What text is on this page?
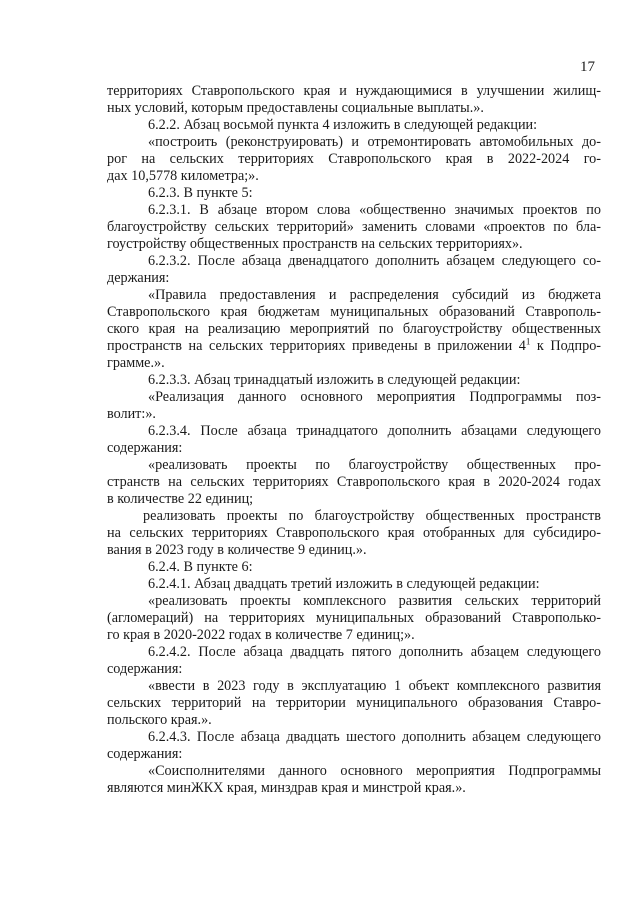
17
территориях Ставропольского края и нуждающимися в улучшении жилищ-
ных условий, которым предоставлены социальные выплаты.».
6.2.2. Абзац восьмой пункта 4 изложить в следующей редакции:
«построить (реконструировать) и отремонтировать автомобильных до-
рог на сельских территориях Ставропольского края в 2022-2024 го-
дах 10,5778 километра;».
6.2.3. В пункте 5:
6.2.3.1. В абзаце втором слова «общественно значимых проектов по
благоустройству сельских территорий» заменить словами «проектов по бла-
гоустройству общественных пространств на сельских территориях».
6.2.3.2. После абзаца двенадцатого дополнить абзацем следующего со-
держания:
«Правила предоставления и распределения субсидий из бюджета
Ставропольского края бюджетам муниципальных образований Ставрополь-
ского края на реализацию мероприятий по благоустройству общественных
пространств на сельских территориях приведены в приложении $4^1$ к Подпро-
грамме.».
6.2.3.3. Абзац тринадцатый изложить в следующей редакции:
«Реализация данного основного мероприятия Подпрограммы поз-
волит:».
6.2.3.4. После абзаца тринадцатого дополнить абзацами следующего
содержания:
«реализовать проекты по благоустройству общественных про-
странств на сельских территориях Ставропольского края в 2020-2024 годах
в количестве 22 единиц;
реализовать проекты по благоустройству общественных пространств
на сельских территориях Ставропольского края отобранных для субсидиро-
вания в 2023 году в количестве 9 единиц.».
6.2.4. В пункте 6:
6.2.4.1. Абзац двадцать третий изложить в следующей редакции:
«реализовать проекты комплексного развития сельских территорий
(агломераций) на территориях муниципальных образований Ставрополько-
го края в 2020-2022 годах в количестве 7 единиц;».
6.2.4.2. После абзаца двадцать пятого дополнить абзацем следующего
содержания:
«ввести в 2023 году в эксплуатацию 1 объект комплексного развития
сельских территорий на территории муниципального образования Ставро-
польского края.».
6.2.4.3. После абзаца двадцать шестого дополнить абзацем следующего
содержания:
«Соисполнителями данного основного мероприятия Подпрограммы
являются минЖКХ края, минздрав края и минстрой края.».
